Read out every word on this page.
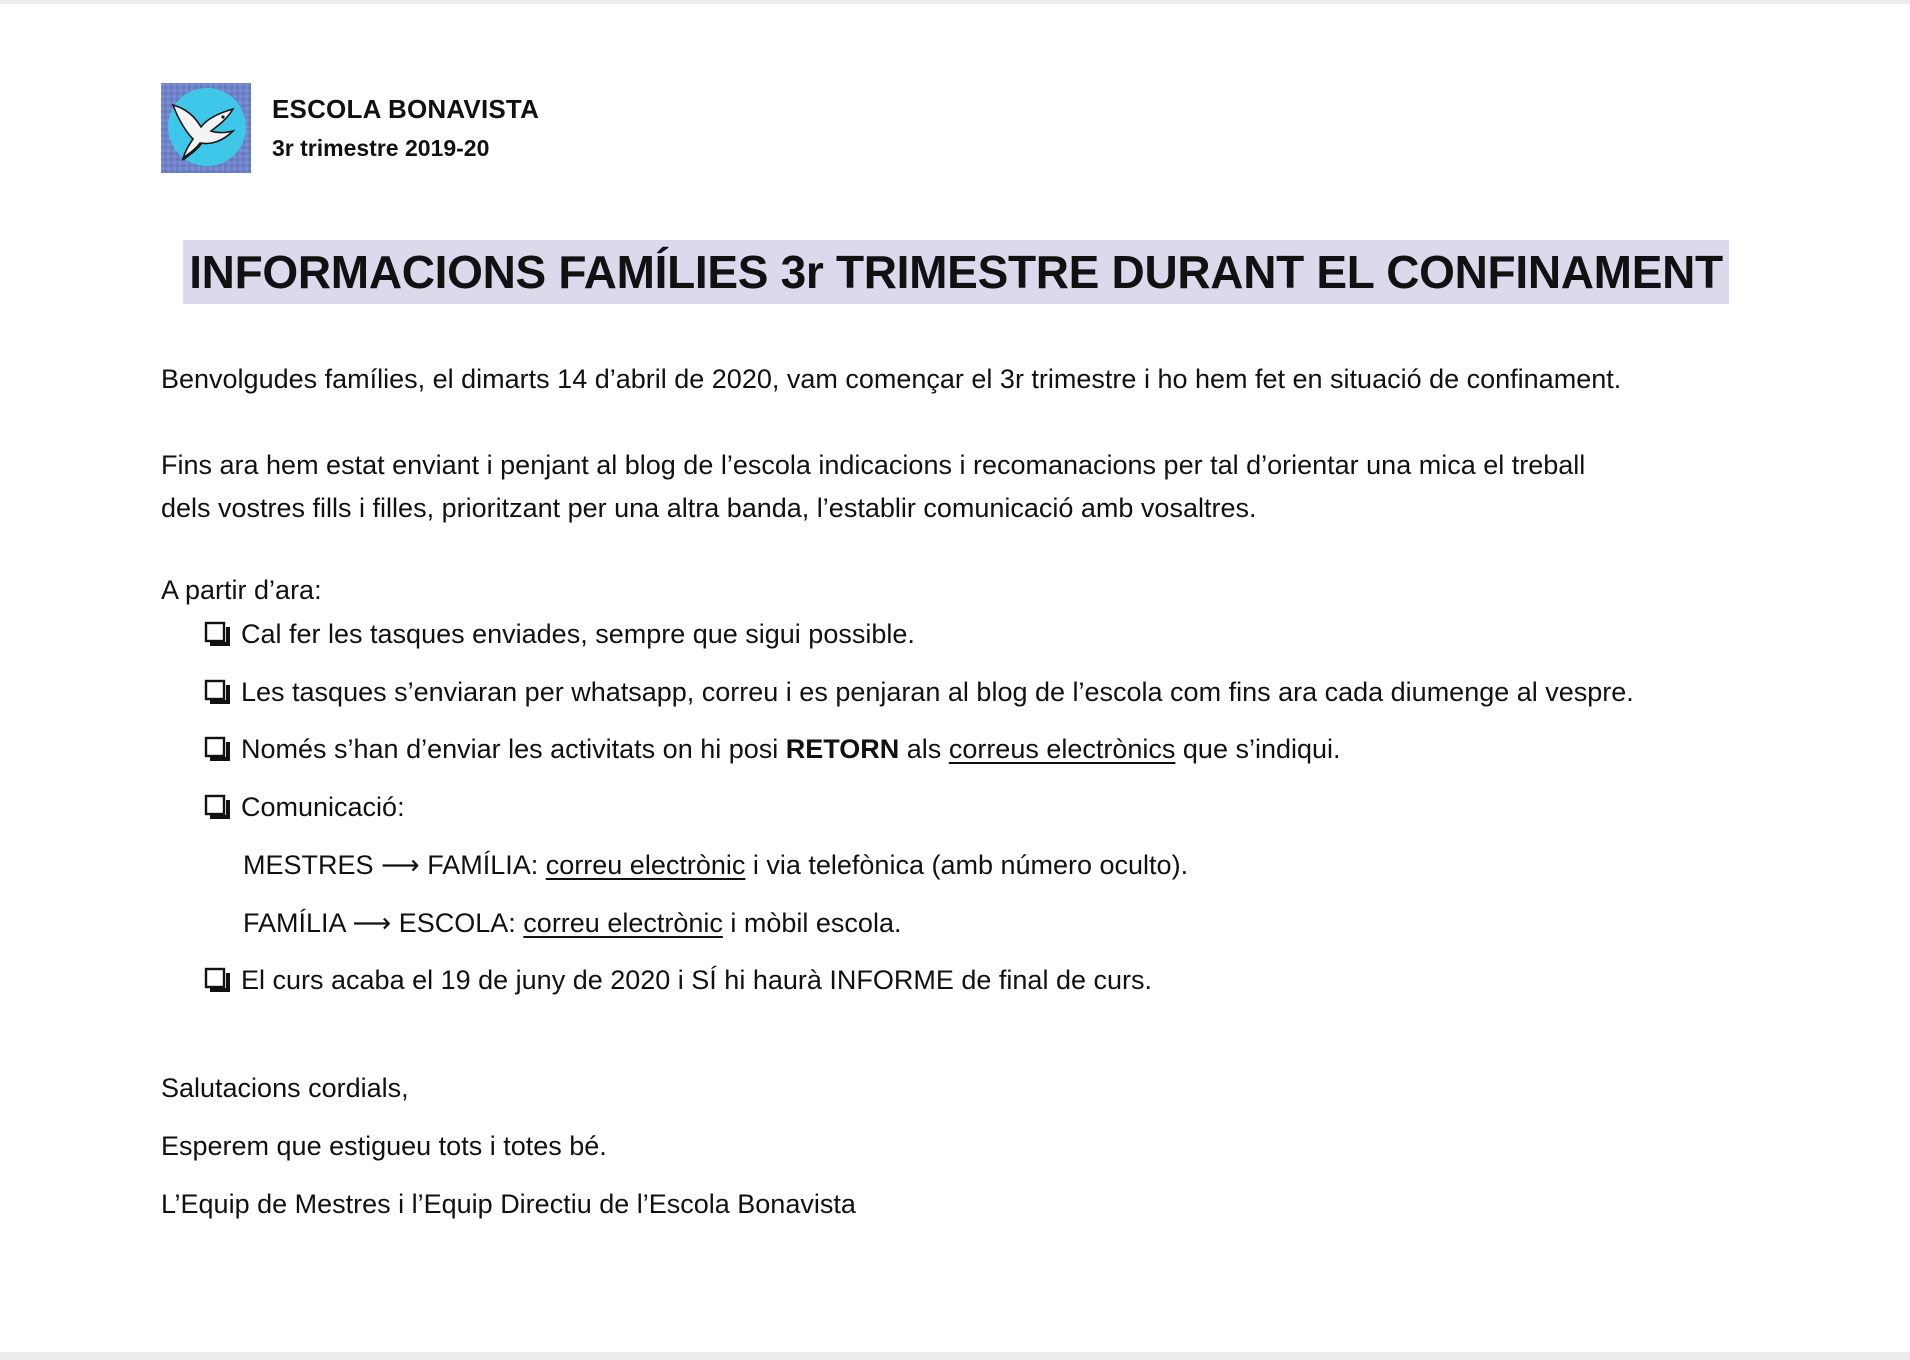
ESCOLA BONAVISTA
3r trimestre 2019-20
INFORMACIONS FAMÍLIES 3r TRIMESTRE DURANT EL CONFINAMENT
Benvolgudes famílies, el dimarts 14 d’abril de 2020, vam començar el 3r trimestre i ho hem fet en situació de confinament.
Fins ara hem estat enviant i penjant al blog de l’escola indicacions i recomanacions per tal d’orientar una mica el treball
dels vostres fills i filles, prioritzant per una altra banda, l’establir comunicació amb vosaltres.
A partir d’ara:
Cal fer les tasques enviades, sempre que sigui possible.
Les tasques s’enviaran per whatsapp, correu i es penjaran al blog de l’escola com fins ara cada diumenge al vespre.
Només s’han d’enviar les activitats on hi posi RETORN als correus electrònics que s’indiqui.
Comunicació:
MESTRES ⟶ FAMÍLIA: correu electrònic i via telefònica (amb número oculto).
FAMÍLIA ⟶ ESCOLA: correu electrònic i mòbil escola.
El curs acaba el 19 de juny de 2020 i SÍ hi haurà INFORME de final de curs.
Salutacions cordials,
Esperem que estigueu tots i totes bé.
L’Equip de Mestres i l’Equip Directiu de l’Escola Bonavista
